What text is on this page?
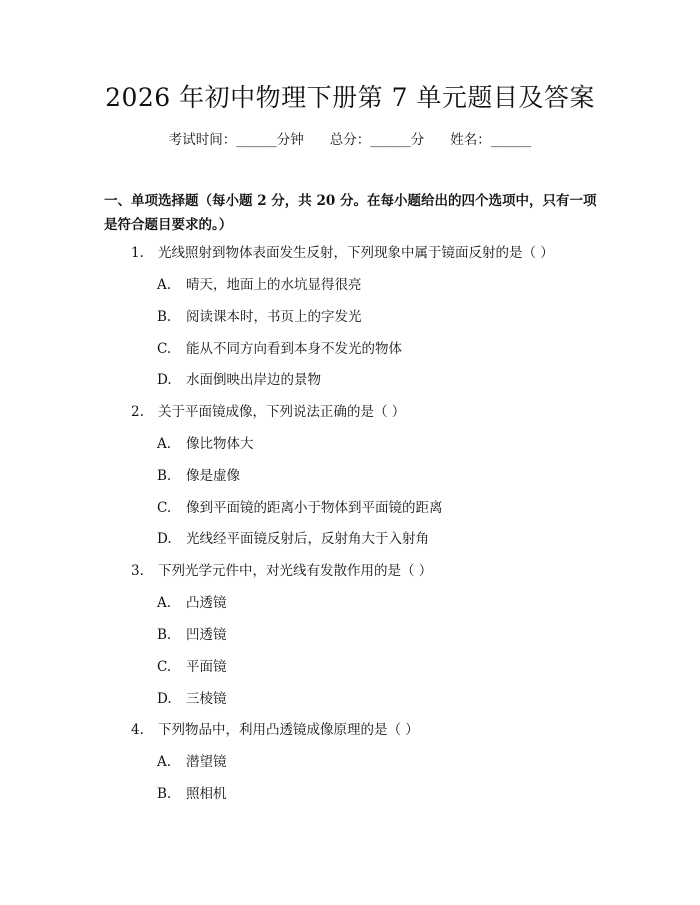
2026 年初中物理下册第 7 单元题目及答案
考试时间：______分钟 总分：______分 姓名：______
一、单项选择题（每小题 2 分，共 20 分。在每小题给出的四个选项中，只有一项是符合题目要求的。）
1. 光线照射到物体表面发生反射，下列现象中属于镜面反射的是（ ）
A. 晴天，地面上的水坑显得很亮
B. 阅读课本时，书页上的字发光
C. 能从不同方向看到本身不发光的物体
D. 水面倒映出岸边的景物
2. 关于平面镜成像，下列说法正确的是（ ）
A. 像比物体大
B. 像是虚像
C. 像到平面镜的距离小于物体到平面镜的距离
D. 光线经平面镜反射后，反射角大于入射角
3. 下列光学元件中，对光线有发散作用的是（ ）
A. 凸透镜
B. 凹透镜
C. 平面镜
D. 三棱镜
4. 下列物品中，利用凸透镜成像原理的是（ ）
A. 潜望镜
B. 照相机
